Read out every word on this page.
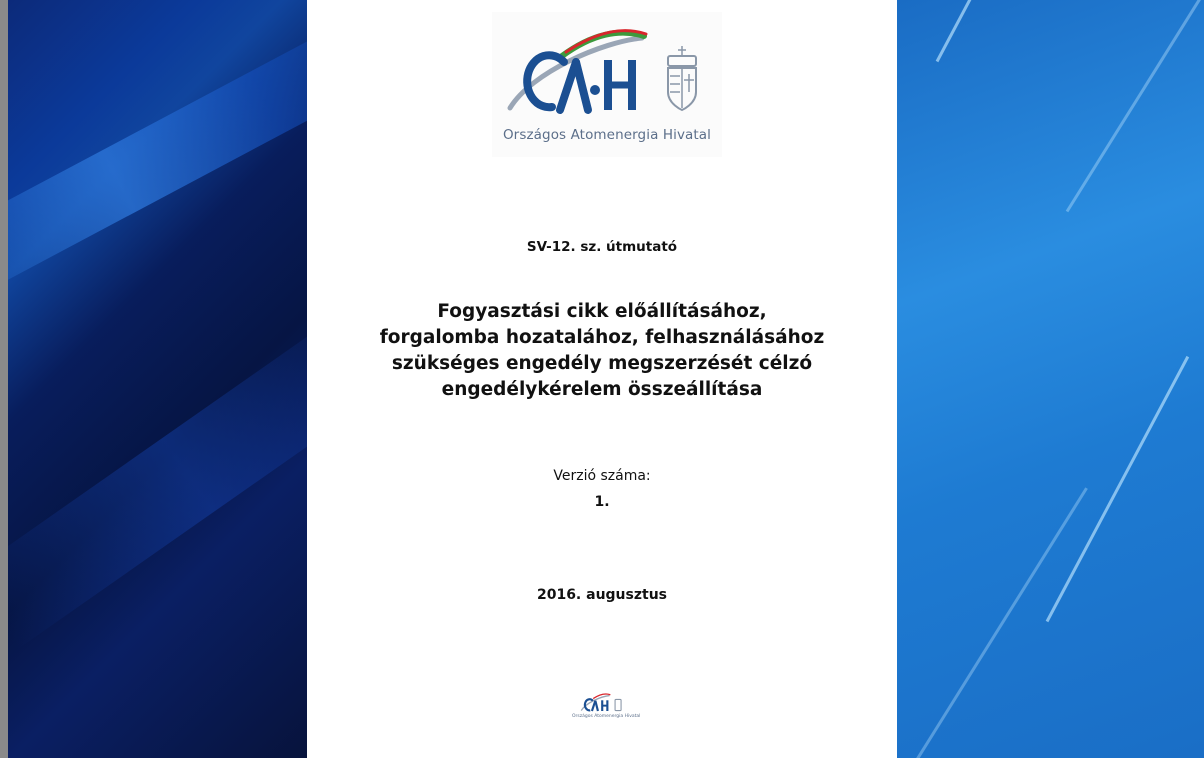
Országos Atomenergia Hivatal
SV-12. sz. útmutató
Fogyasztási cikk előállításához,
forgalomba hozatalához, felhasználásához
szükséges engedély megszerzését célzó
engedélykérelem összeállítása
Verzió száma:
1.
2016. augusztus
Országos Atomenergia Hivatal
